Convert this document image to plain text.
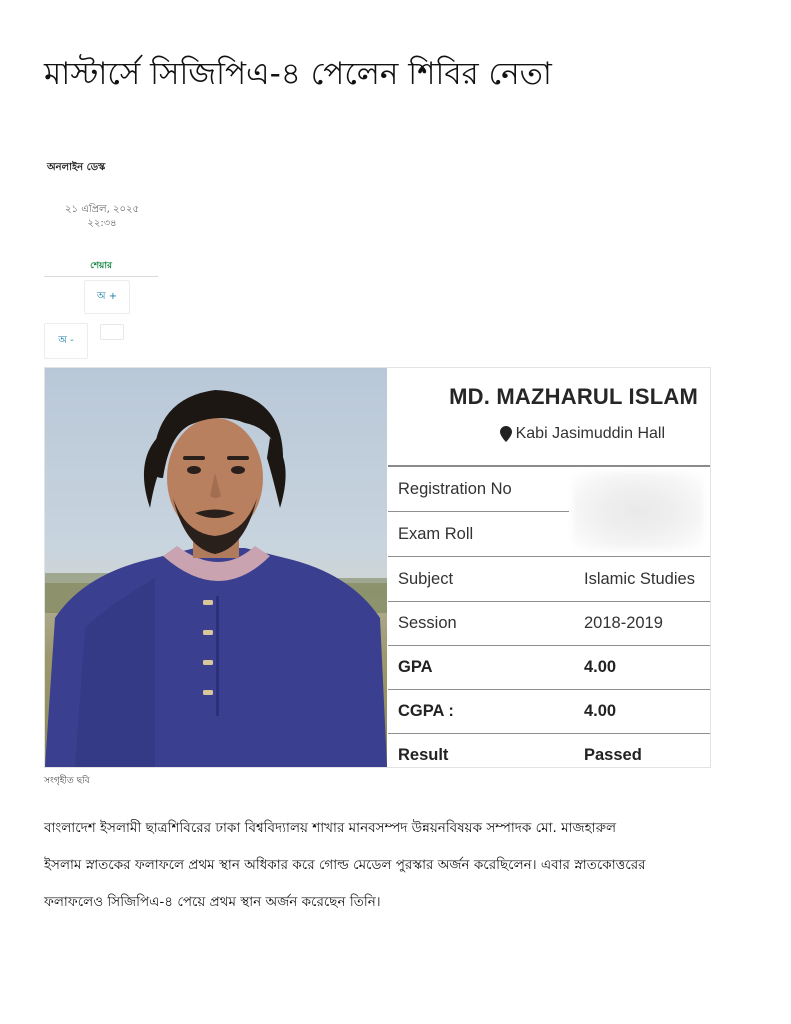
মাস্টার্সে সিজিপিএ-৪ পেলেন শিবির নেতা
অনলাইন ডেস্ক
২১ এপ্রিল, ২০২৫
২২:৩৪
শেয়ার
অ +
অ -
MD. MAZHARUL ISLAM
Kabi Jasimuddin Hall
Registration No
Exam Roll
Subject	Islamic Studies
Session	2018-2019
GPA	4.00
CGPA :	4.00
Result	Passed
সংগৃহীত ছবি

বাংলাদেশ ইসলামী ছাত্রশিবিরের ঢাকা বিশ্ববিদ্যালয় শাখার মানবসম্পদ উন্নয়নবিষয়ক সম্পাদক মো. মাজহারুল

ইসলাম স্নাতকের ফলাফলে প্রথম স্থান অধিকার করে গোল্ড মেডেল পুরস্কার অর্জন করেছিলেন। এবার স্নাতকোত্তরের

ফলাফলেও সিজিপিএ-৪ পেয়ে প্রথম স্থান অর্জন করেছেন তিনি।
